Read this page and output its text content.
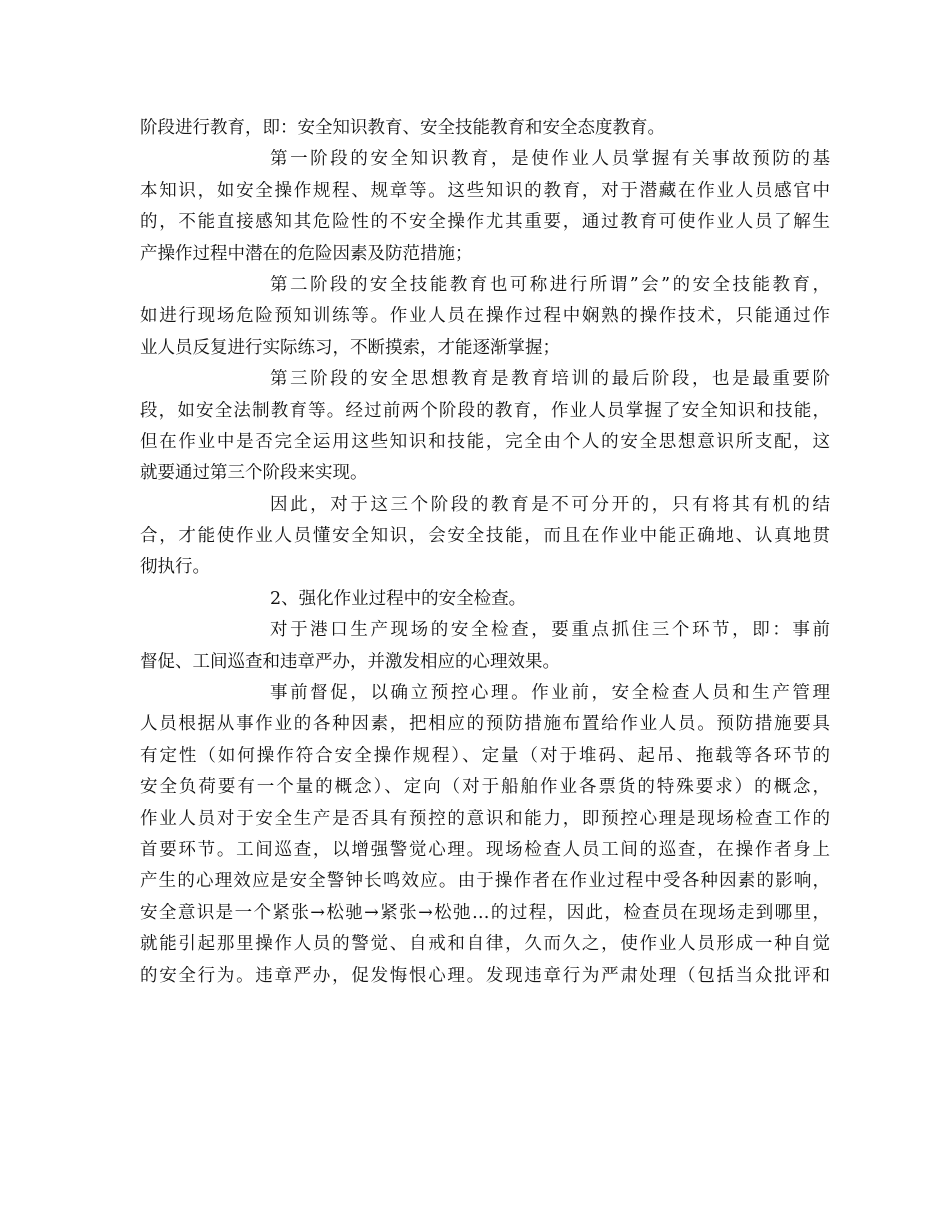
阶段进行教育，即：安全知识教育、安全技能教育和安全态度教育。
第一阶段的安全知识教育，是使作业人员掌握有关事故预防的基
本知识，如安全操作规程、规章等。这些知识的教育，对于潜藏在作业人员感官中
的，不能直接感知其危险性的不安全操作尤其重要，通过教育可使作业人员了解生
产操作过程中潜在的危险因素及防范措施；
第二阶段的安全技能教育也可称进行所谓”会”的安全技能教育，
如进行现场危险预知训练等。作业人员在操作过程中娴熟的操作技术，只能通过作
业人员反复进行实际练习，不断摸索，才能逐渐掌握；
第三阶段的安全思想教育是教育培训的最后阶段，也是最重要阶
段，如安全法制教育等。经过前两个阶段的教育，作业人员掌握了安全知识和技能，
但在作业中是否完全运用这些知识和技能，完全由个人的安全思想意识所支配，这
就要通过第三个阶段来实现。
因此，对于这三个阶段的教育是不可分开的，只有将其有机的结
合，才能使作业人员懂安全知识，会安全技能，而且在作业中能正确地、认真地贯
彻执行。
2、强化作业过程中的安全检查。
对于港口生产现场的安全检查，要重点抓住三个环节，即：事前
督促、工间巡查和违章严办，并激发相应的心理效果。
事前督促，以确立预控心理。作业前，安全检查人员和生产管理
人员根据从事作业的各种因素，把相应的预防措施布置给作业人员。预防措施要具
有定性（如何操作符合安全操作规程）、定量（对于堆码、起吊、拖载等各环节的
安全负荷要有一个量的概念）、定向（对于船舶作业各票货的特殊要求）的概念，
作业人员对于安全生产是否具有预控的意识和能力，即预控心理是现场检查工作的
首要环节。工间巡查，以增强警觉心理。现场检查人员工间的巡查，在操作者身上
产生的心理效应是安全警钟长鸣效应。由于操作者在作业过程中受各种因素的影响，
安全意识是一个紧张→松驰→紧张→松弛…的过程，因此，检查员在现场走到哪里，
就能引起那里操作人员的警觉、自戒和自律，久而久之，使作业人员形成一种自觉
的安全行为。违章严办，促发悔恨心理。发现违章行为严肃处理（包括当众批评和
